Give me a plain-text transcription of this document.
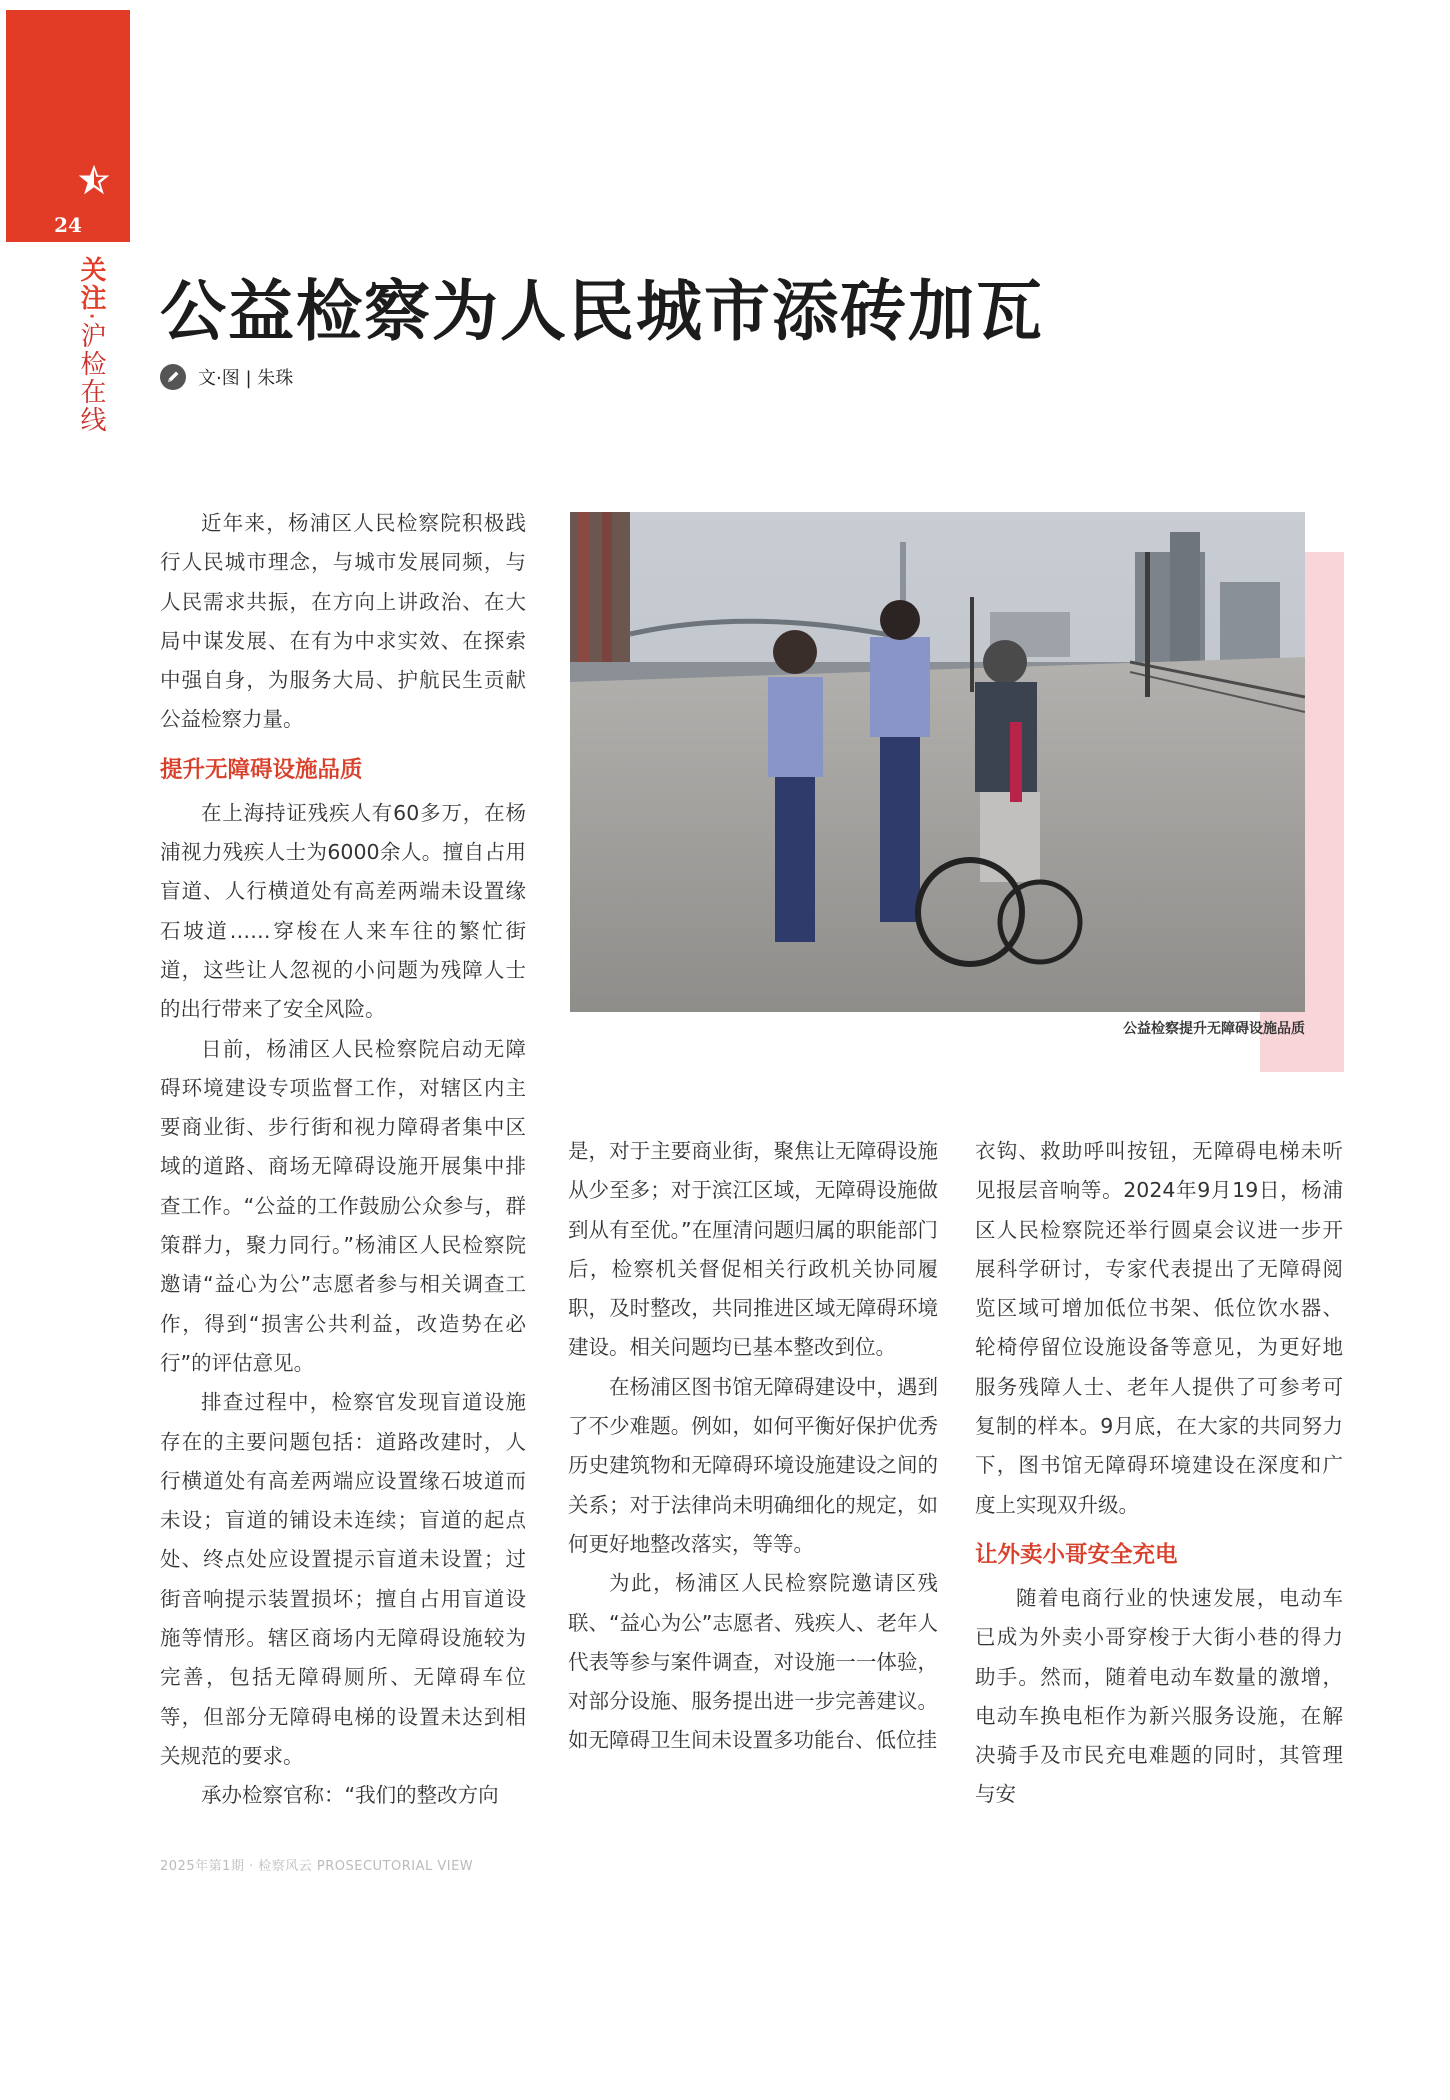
24
关注·沪检在线
公益检察为人民城市添砖加瓦
文·图 | 朱珠

近年来，杨浦区人民检察院积极践行人民城市理念，与城市发展同频，与人民需求共振，在方向上讲政治、在大局中谋发展、在有为中求实效、在探索中强自身，为服务大局、护航民生贡献公益检察力量。

提升无障碍设施品质

在上海持证残疾人有60多万，在杨浦视力残疾人士为6000余人。擅自占用盲道、人行横道处有高差两端未设置缘石坡道……穿梭在人来车往的繁忙街道，这些让人忽视的小问题为残障人士的出行带来了安全风险。

日前，杨浦区人民检察院启动无障碍环境建设专项监督工作，对辖区内主要商业街、步行街和视力障碍者集中区域的道路、商场无障碍设施开展集中排查工作。“公益的工作鼓励公众参与，群策群力，聚力同行。”杨浦区人民检察院邀请“益心为公”志愿者参与相关调查工作，得到“损害公共利益，改造势在必行”的评估意见。

排查过程中，检察官发现盲道设施存在的主要问题包括：道路改建时，人行横道处有高差两端应设置缘石坡道而未设；盲道的铺设未连续；盲道的起点处、终点处应设置提示盲道未设置；过街音响提示装置损坏；擅自占用盲道设施等情形。辖区商场内无障碍设施较为完善，包括无障碍厕所、无障碍车位等，但部分无障碍电梯的设置未达到相关规范的要求。

承办检察官称：“我们的整改方向

公益检察提升无障碍设施品质

是，对于主要商业街，聚焦让无障碍设施从少至多；对于滨江区域，无障碍设施做到从有至优。”在厘清问题归属的职能部门后，检察机关督促相关行政机关协同履职，及时整改，共同推进区域无障碍环境建设。相关问题均已基本整改到位。

在杨浦区图书馆无障碍建设中，遇到了不少难题。例如，如何平衡好保护优秀历史建筑物和无障碍环境设施建设之间的关系；对于法律尚未明确细化的规定，如何更好地整改落实，等等。

为此，杨浦区人民检察院邀请区残联、“益心为公”志愿者、残疾人、老年人代表等参与案件调查，对设施一一体验，对部分设施、服务提出进一步完善建议。如无障碍卫生间未设置多功能台、低位挂

衣钩、救助呼叫按钮，无障碍电梯未听见报层音响等。2024年9月19日，杨浦区人民检察院还举行圆桌会议进一步开展科学研讨，专家代表提出了无障碍阅览区域可增加低位书架、低位饮水器、轮椅停留位设施设备等意见，为更好地服务残障人士、老年人提供了可参考可复制的样本。9月底，在大家的共同努力下，图书馆无障碍环境建设在深度和广度上实现双升级。

让外卖小哥安全充电

随着电商行业的快速发展，电动车已成为外卖小哥穿梭于大街小巷的得力助手。然而，随着电动车数量的激增，电动车换电柜作为新兴服务设施，在解决骑手及市民充电难题的同时，其管理与安

2025年第1期 · 检察风云 PROSECUTORIAL VIEW
